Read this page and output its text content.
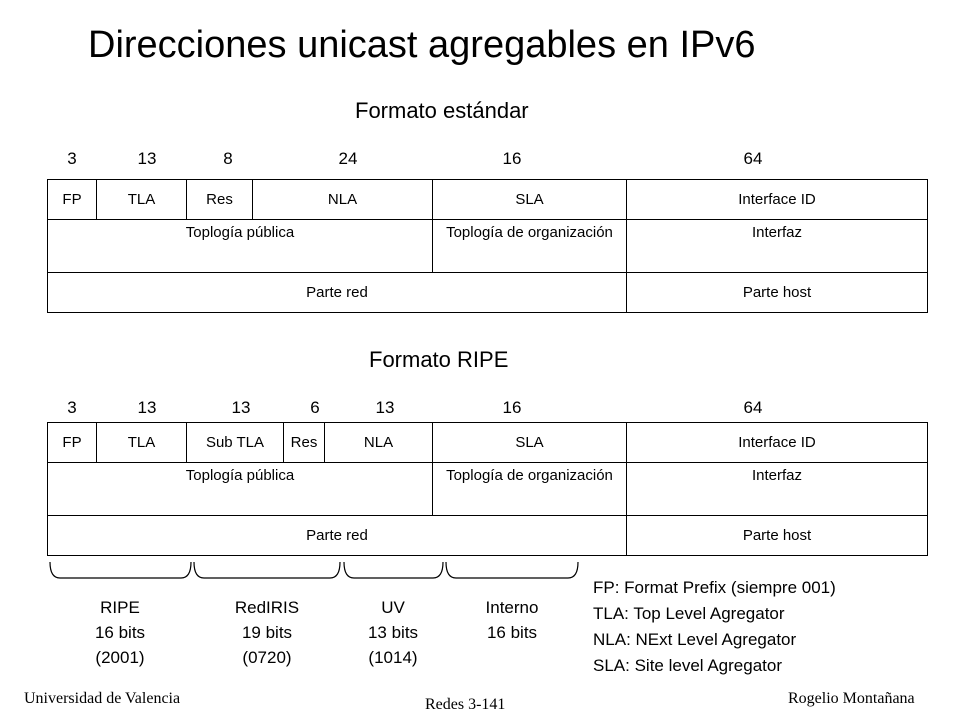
Direcciones unicast agregables en IPv6
Formato estándar
3	13	8	24	16	64
FP	TLA	Res	NLA	SLA	Interface ID
Toplogía pública				Toplogía de organización	Interfaz
Parte red					Parte host
Formato RIPE
3	13	13	6	13	16	64
FP	TLA	Sub TLA	Res	NLA	SLA	Interface ID
Toplogía pública					Toplogía de organización	Interfaz
Parte red						Parte host
RIPE
16 bits
(2001)
RedIRIS
19 bits
(0720)
UV
13 bits
(1014)
Interno
16 bits
FP: Format Prefix (siempre 001)
TLA: Top Level Agregator
NLA: NExt Level Agregator
SLA: Site level Agregator
Universidad de Valencia	Redes 3-141	Rogelio Montañana
